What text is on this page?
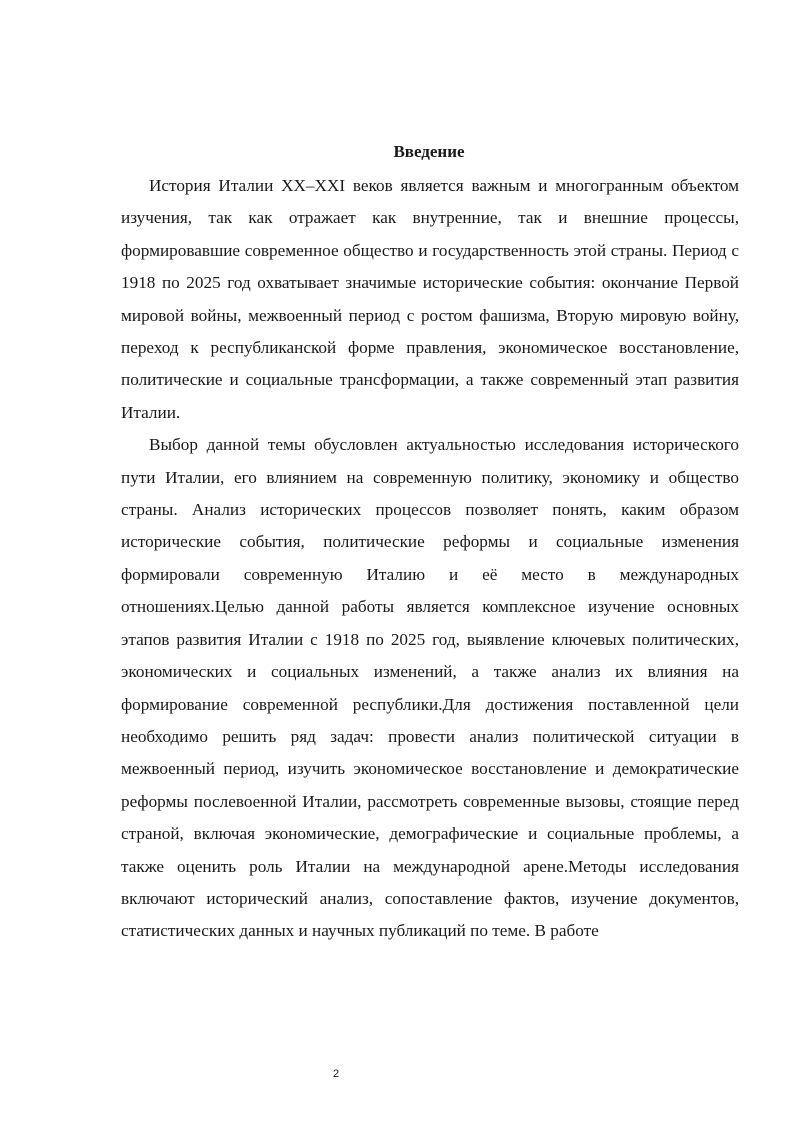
Введение

История Италии XX–XXI веков является важным и многогранным объектом изучения, так как отражает как внутренние, так и внешние процессы, формировавшие современное общество и государственность этой страны. Период с 1918 по 2025 год охватывает значимые исторические события: окончание Первой мировой войны, межвоенный период с ростом фашизма, Вторую мировую войну, переход к республиканской форме правления, экономическое восстановление, политические и социальные трансформации, а также современный этап развития Италии.

Выбор данной темы обусловлен актуальностью исследования исторического пути Италии, его влиянием на современную политику, экономику и общество страны. Анализ исторических процессов позволяет понять, каким образом исторические события, политические реформы и социальные изменения формировали современную Италию и её место в международных отношениях.Целью данной работы является комплексное изучение основных этапов развития Италии с 1918 по 2025 год, выявление ключевых политических, экономических и социальных изменений, а также анализ их влияния на формирование современной республики.Для достижения поставленной цели необходимо решить ряд задач: провести анализ политической ситуации в межвоенный период, изучить экономическое восстановление и демократические реформы послевоенной Италии, рассмотреть современные вызовы, стоящие перед страной, включая экономические, демографические и социальные проблемы, а также оценить роль Италии на международной арене.Методы исследования включают исторический анализ, сопоставление фактов, изучение документов, статистических данных и научных публикаций по теме. В работе

2
